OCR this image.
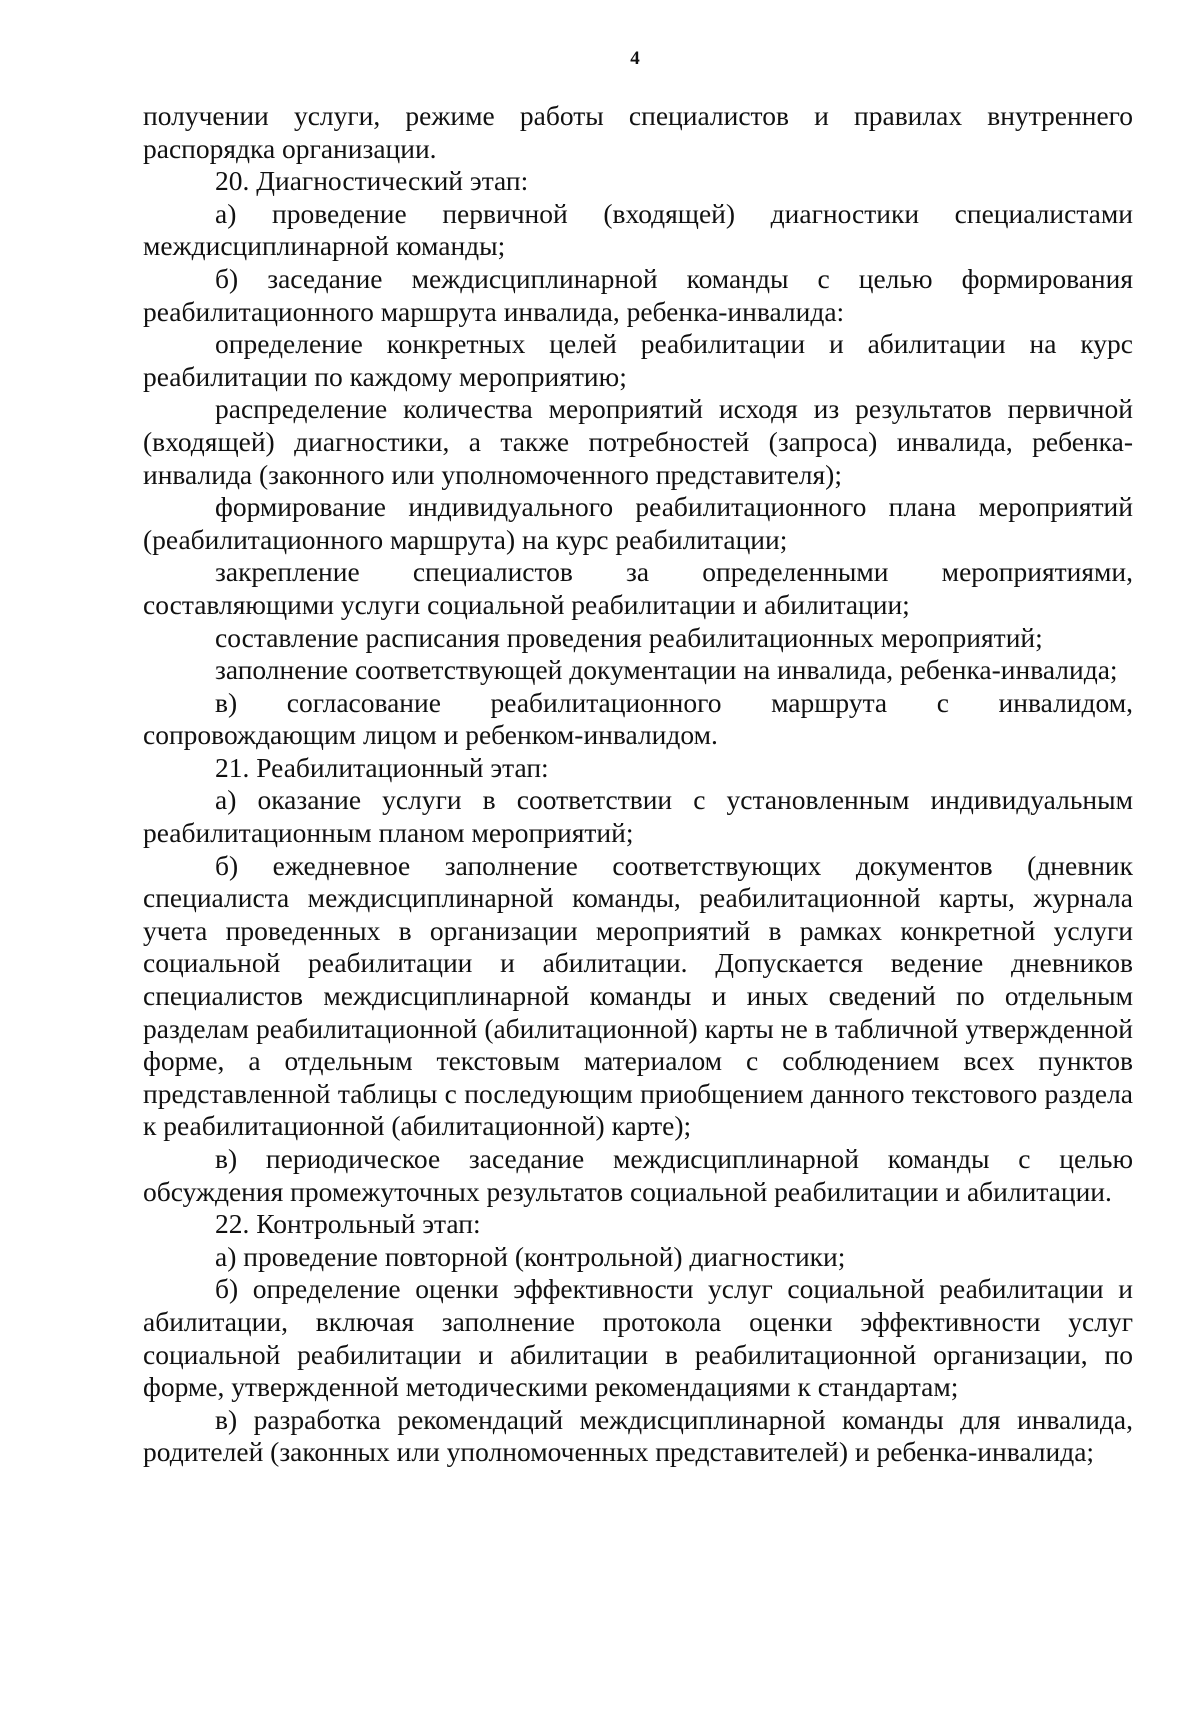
4

получении услуги, режиме работы специалистов и правилах внутреннего распорядка организации.

20. Диагностический этап:

а) проведение первичной (входящей) диагностики специалистами междисциплинарной команды;

б) заседание междисциплинарной команды с целью формирования реабилитационного маршрута инвалида, ребенка-инвалида:

определение конкретных целей реабилитации и абилитации на курс реабилитации по каждому мероприятию;

распределение количества мероприятий исходя из результатов первичной (входящей) диагностики, а также потребностей (запроса) инвалида, ребенка-инвалида (законного или уполномоченного представителя);

формирование индивидуального реабилитационного плана мероприятий (реабилитационного маршрута) на курс реабилитации;

закрепление специалистов за определенными мероприятиями, составляющими услуги социальной реабилитации и абилитации;

составление расписания проведения реабилитационных мероприятий;

заполнение соответствующей документации на инвалида, ребенка-инвалида;

в) согласование реабилитационного маршрута с инвалидом, сопровождающим лицом и ребенком-инвалидом.

21. Реабилитационный этап:

а) оказание услуги в соответствии с установленным индивидуальным реабилитационным планом мероприятий;

б) ежедневное заполнение соответствующих документов (дневник специалиста междисциплинарной команды, реабилитационной карты, журнала учета проведенных в организации мероприятий в рамках конкретной услуги социальной реабилитации и абилитации. Допускается ведение дневников специалистов междисциплинарной команды и иных сведений по отдельным разделам реабилитационной (абилитационной) карты не в табличной утвержденной форме, а отдельным текстовым материалом с соблюдением всех пунктов представленной таблицы с последующим приобщением данного текстового раздела к реабилитационной (абилитационной) карте);

в) периодическое заседание междисциплинарной команды с целью обсуждения промежуточных результатов социальной реабилитации и абилитации.

22. Контрольный этап:

а) проведение повторной (контрольной) диагностики;

б) определение оценки эффективности услуг социальной реабилитации и абилитации, включая заполнение протокола оценки эффективности услуг социальной реабилитации и абилитации в реабилитационной организации, по форме, утвержденной методическими рекомендациями к стандартам;

в) разработка рекомендаций междисциплинарной команды для инвалида, родителей (законных или уполномоченных представителей) и ребенка-инвалида;
